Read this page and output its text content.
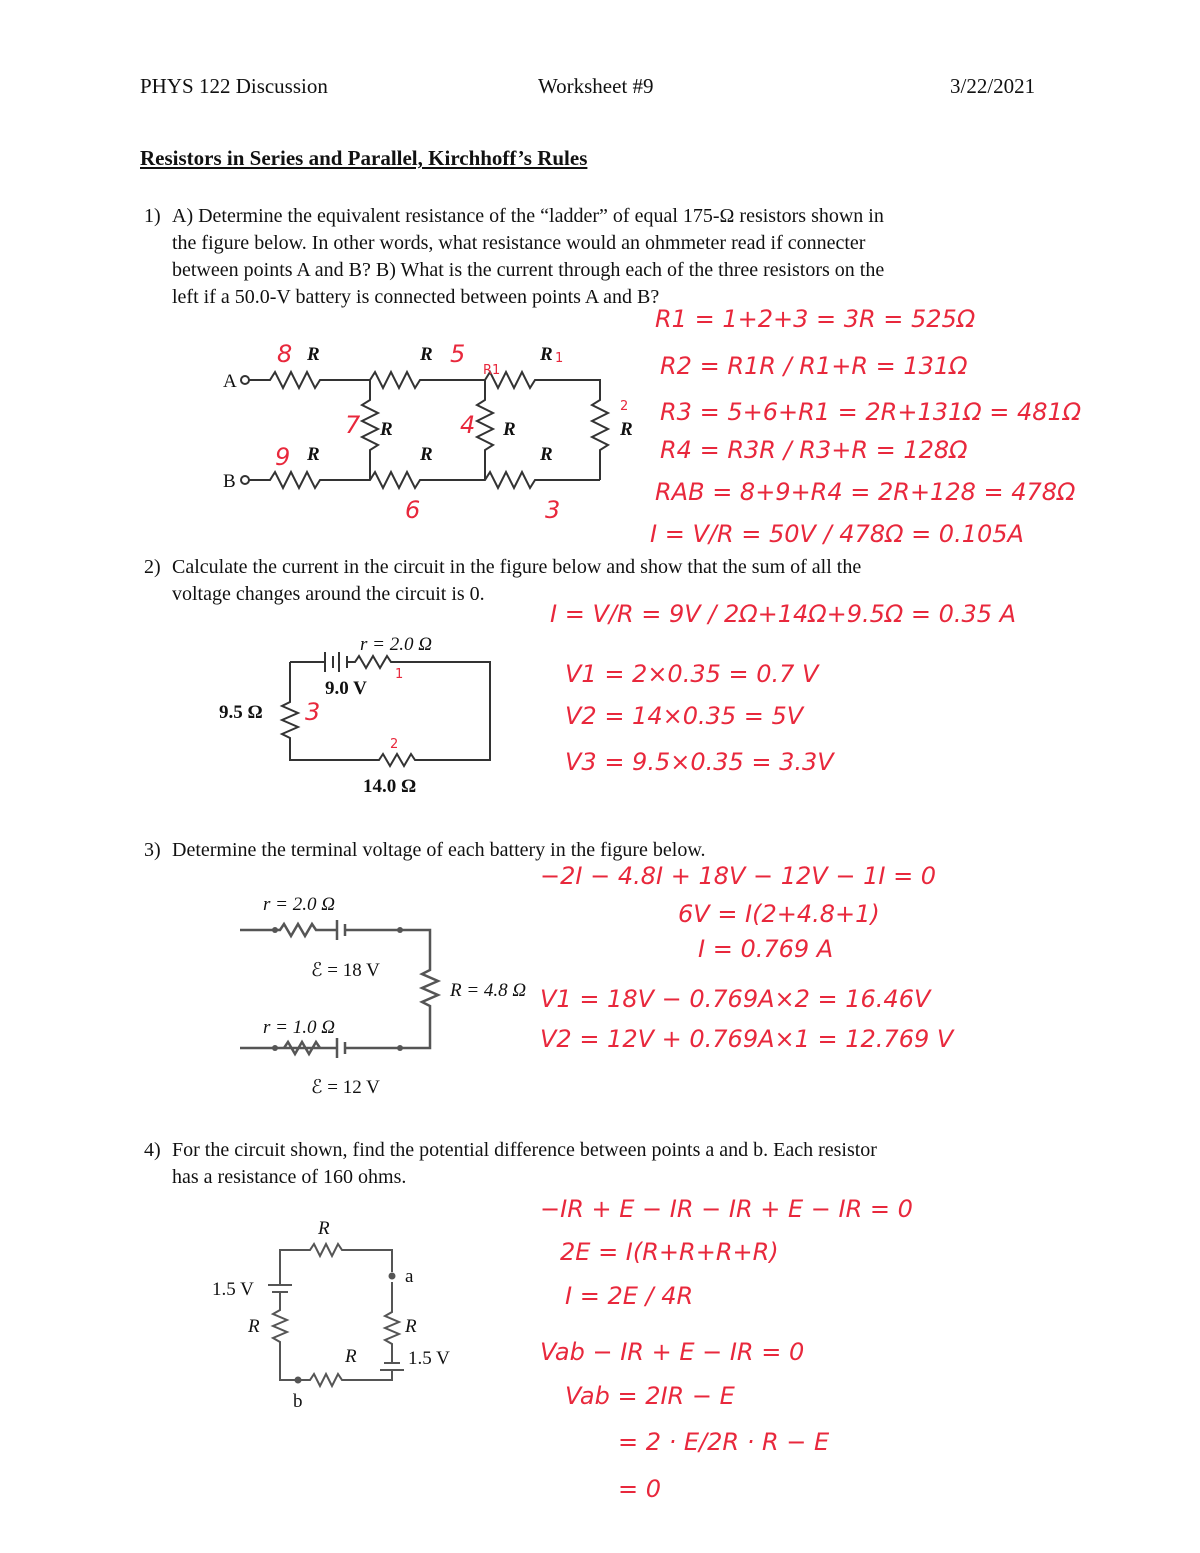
PHYS 122 Discussion	Worksheet #9	3/22/2021
Resistors in Series and Parallel, Kirchhoff’s Rules
1) A) Determine the equivalent resistance of the “ladder” of equal 175-Ω resistors shown in
the figure below. In other words, what resistance would an ohmmeter read if connecter
between points A and B? B) What is the current through each of the three resistors on the
left if a 50.0-V battery is connected between points A and B?
A
B
R	R	R
R	R	R
R	R	R
8	5
R1
1
9
7	4
2
6	3
R1 = 1+2+3 = 3R = 525Ω
R2 = R1R / R1+R = 131Ω
R3 = 5+6+R1 = 2R+131Ω = 481Ω
R4 = R3R / R3+R = 128Ω
RAB = 8+9+R4 = 2R+128 = 478Ω
I = V/R = 50V / 478Ω = 0.105A
2) Calculate the current in the circuit in the figure below and show that the sum of all the
voltage changes around the circuit is 0.
r = 2.0 Ω
9.0 V
9.5 Ω
14.0 Ω
1
2
3
I = V/R = 9V / 2Ω+14Ω+9.5Ω = 0.35 A
V1 = 2×0.35 = 0.7 V
V2 = 14×0.35 = 5V
V3 = 9.5×0.35 = 3.3V
3) Determine the terminal voltage of each battery in the figure below.
r = 2.0 Ω
ℰ = 18 V
R = 4.8 Ω
r = 1.0 Ω
ℰ = 12 V
−2I − 4.8I + 18V − 12V − 1I = 0
6V = I(2+4.8+1)
I = 0.769 A
V1 = 18V − 0.769A×2 = 16.46V
V2 = 12V + 0.769A×1 = 12.769 V
4) For the circuit shown, find the potential difference between points a and b. Each resistor
has a resistance of 160 ohms.
R
1.5 V
R
a
R
1.5 V
R
b
−IR + E − IR − IR + E − IR = 0
2E = I(R+R+R+R)
I = 2E / 4R
Vab − IR + E − IR = 0
Vab = 2IR − E
= 2 · E/2R · R − E
= 0
